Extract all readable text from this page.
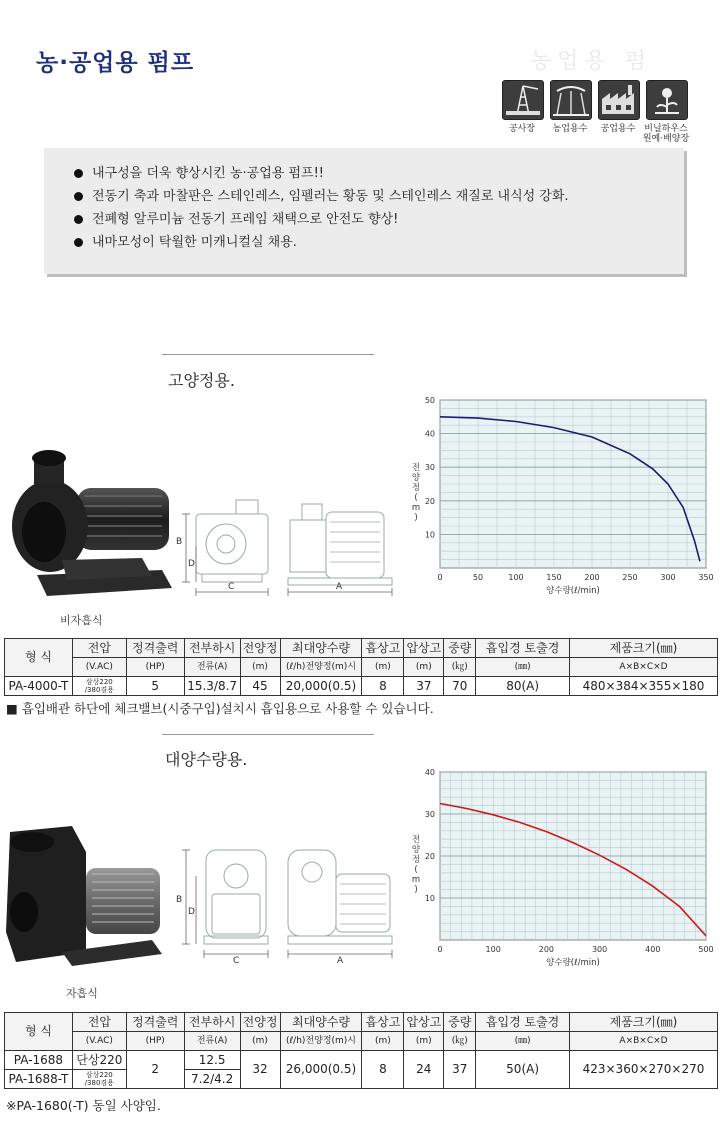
농·공업용 펌프	농업용 펌
공사장	농업용수	공업용수 비닐하우스
원예·배양장
내구성을 더욱 향상시킨 농·공업용 펌프!!
전동기 축과 마찰판은 스테인레스, 임펠러는 황동 및 스테인레스 재질로 내식성 강화.
전폐형 알루미늄 전동기 프레임 채택으로 안전도 향상!
내마모성이 탁월한 미캐니컬실 채용.
고양정용.
비자흡식
B
D
C	A
10
20
30
40
50
0	50	100	150	200	250	300	350
양수량(ℓ/min)
전 양 정 ( m )
형 식	전압	정격출력	전부하시	전양정	최대양수량	흡상고	압상고	중량	흡입경 토출경	제품크기(㎜)
	(V.AC)	(HP)	전류(A)	(m)	(ℓ/h)전양정(m)시	(m)	(m)	(㎏)	(㎜)	A×B×C×D
PA-4000-T	삼상220
/380겸용	5	15.3/8.7	45	20,000(0.5)	8	37	70	80(A)	480×384×355×180
■ 흡입배관 하단에 체크밸브(시중구입)설치시 흡입용으로 사용할 수 있습니다.
대양수량용.
자흡식
B
D
C	A
10
20
30
40
0	100	200	300	400	500
양수량(ℓ/min)
전 양 정 ( m )
형 식	전압	정격출력	전부하시	전양정	최대양수량	흡상고	압상고	중량	흡입경 토출경	제품크기(㎜)
	(V.AC)	(HP)	전류(A)	(m)	(ℓ/h)전양정(m)시	(m)	(m)	(㎏)	(㎜)	A×B×C×D
PA-1688	단상220	2	12.5	32	26,000(0.5)	8	24	37	50(A)	423×360×270×270
PA-1688-T	삼상220
/380겸용		7.2/4.2							
※PA-1680(-T) 동일 사양임.
